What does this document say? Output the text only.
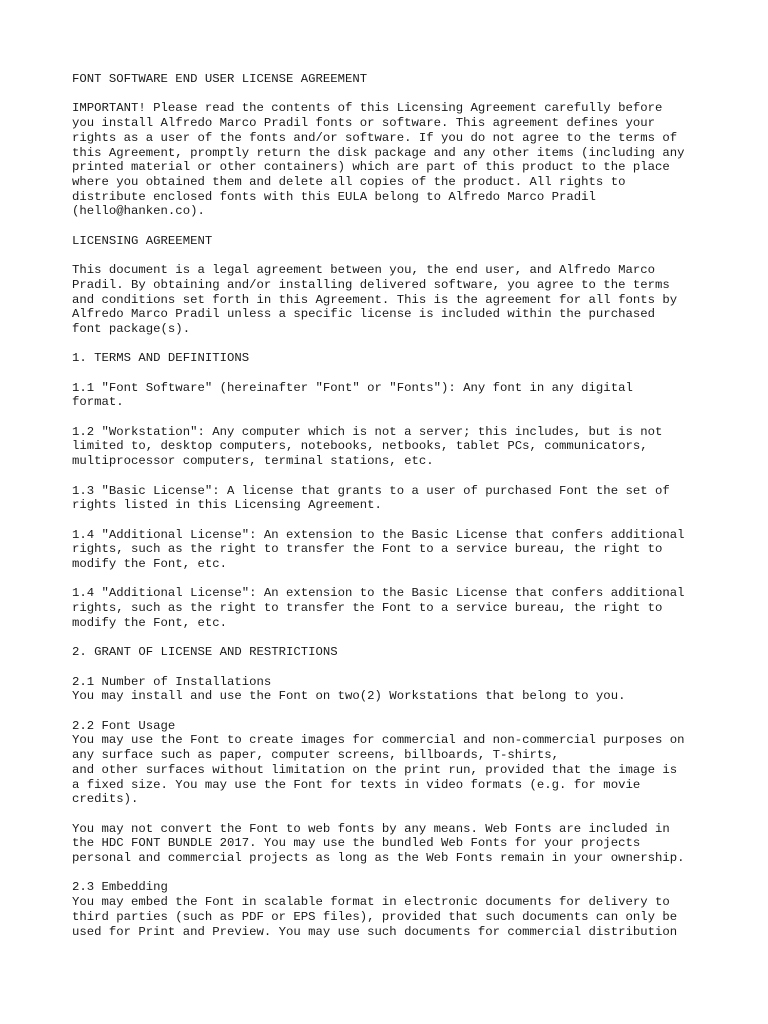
FONT SOFTWARE END USER LICENSE AGREEMENT
IMPORTANT! Please read the contents of this Licensing Agreement carefully before
you install Alfredo Marco Pradil fonts or software. This agreement defines your
rights as a user of the fonts and/or software. If you do not agree to the terms of
this Agreement, promptly return the disk package and any other items (including any
printed material or other containers) which are part of this product to the place
where you obtained them and delete all copies of the product. All rights to
distribute enclosed fonts with this EULA belong to Alfredo Marco Pradil
(hello@hanken.co).
LICENSING AGREEMENT
This document is a legal agreement between you, the end user, and Alfredo Marco
Pradil. By obtaining and/or installing delivered software, you agree to the terms
and conditions set forth in this Agreement. This is the agreement for all fonts by
Alfredo Marco Pradil unless a specific license is included within the purchased
font package(s).
1. TERMS AND DEFINITIONS
1.1 "Font Software" (hereinafter "Font" or "Fonts"): Any font in any digital
format.
1.2 "Workstation": Any computer which is not a server; this includes, but is not
limited to, desktop computers, notebooks, netbooks, tablet PCs, communicators,
multiprocessor computers, terminal stations, etc.
1.3 "Basic License": A license that grants to a user of purchased Font the set of
rights listed in this Licensing Agreement.
1.4 "Additional License": An extension to the Basic License that confers additional
rights, such as the right to transfer the Font to a service bureau, the right to
modify the Font, etc.
1.4 "Additional License": An extension to the Basic License that confers additional
rights, such as the right to transfer the Font to a service bureau, the right to
modify the Font, etc.
2. GRANT OF LICENSE AND RESTRICTIONS
2.1 Number of Installations
You may install and use the Font on two(2) Workstations that belong to you.
2.2 Font Usage
You may use the Font to create images for commercial and non-commercial purposes on
any surface such as paper, computer screens, billboards, T-shirts,
and other surfaces without limitation on the print run, provided that the image is
a fixed size. You may use the Font for texts in video formats (e.g. for movie
credits).
You may not convert the Font to web fonts by any means. Web Fonts are included in
the HDC FONT BUNDLE 2017. You may use the bundled Web Fonts for your projects
personal and commercial projects as long as the Web Fonts remain in your ownership.
2.3 Embedding
You may embed the Font in scalable format in electronic documents for delivery to
third parties (such as PDF or EPS files), provided that such documents can only be
used for Print and Preview. You may use such documents for commercial distribution
